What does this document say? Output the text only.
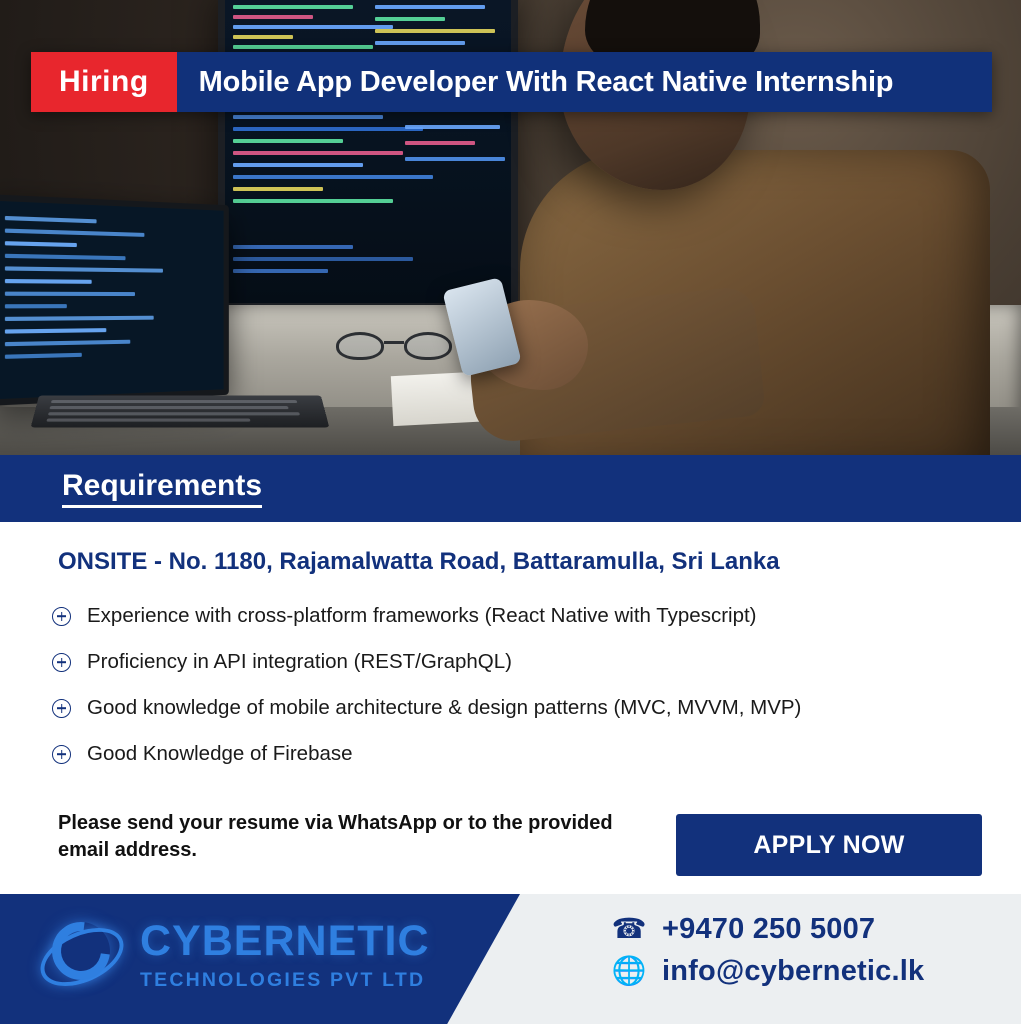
Hiring	Mobile App Developer With React Native Internship
Requirements
ONSITE - No. 1180, Rajamalwatta Road, Battaramulla, Sri Lanka
Experience with cross-platform frameworks (React Native with Typescript)
Proficiency in API integration (REST/GraphQL)
Good knowledge of mobile architecture & design patterns (MVC, MVVM, MVP)
Good Knowledge of Firebase
Please send your resume via WhatsApp or to the provided email address.	APPLY NOW
CYBERNETIC
TECHNOLOGIES PVT LTD
☎ +9470 250 5007
🌐 info@cybernetic.lk
